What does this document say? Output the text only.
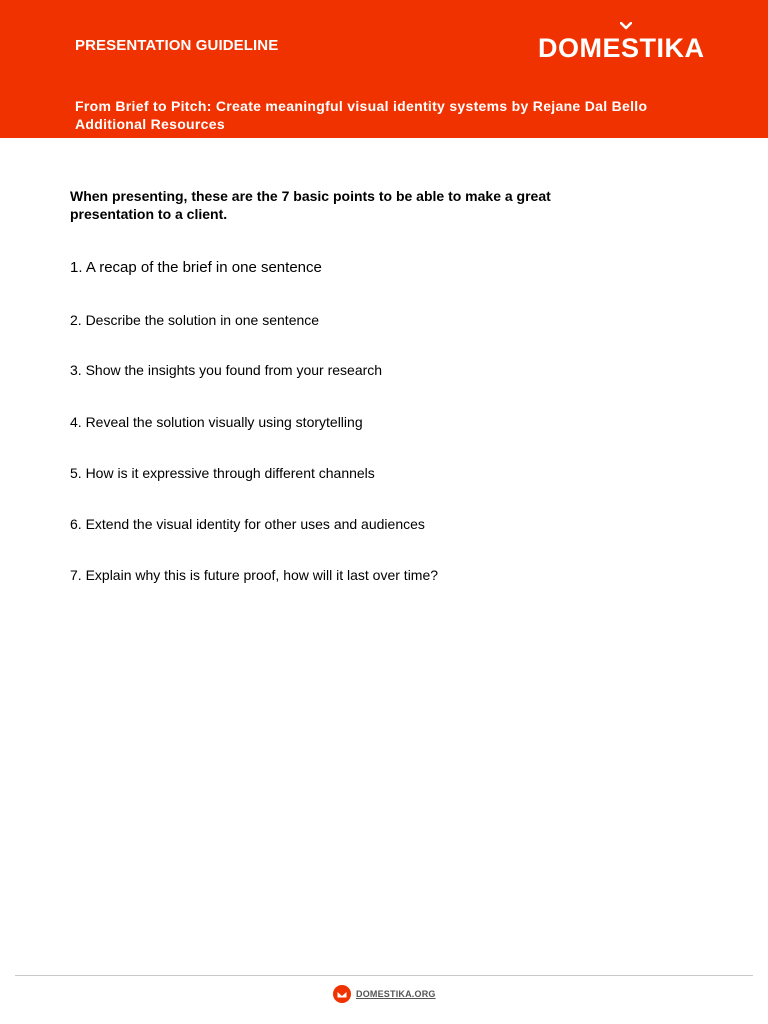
PRESENTATION GUIDELINE	DOMESTIKA
From Brief to Pitch: Create meaningful visual identity systems by Rejane Dal Bello
Additional Resources
When presenting, these are the 7 basic points to be able to make a great presentation to a client.
1. A recap of the brief in one sentence
2. Describe the solution in one sentence
3. Show the insights you found from your research
4. Reveal the solution visually using storytelling
5. How is it expressive through different channels
6. Extend the visual identity for other uses and audiences
7. Explain why this is future proof, how will it last over time?
DOMESTIKA.ORG
